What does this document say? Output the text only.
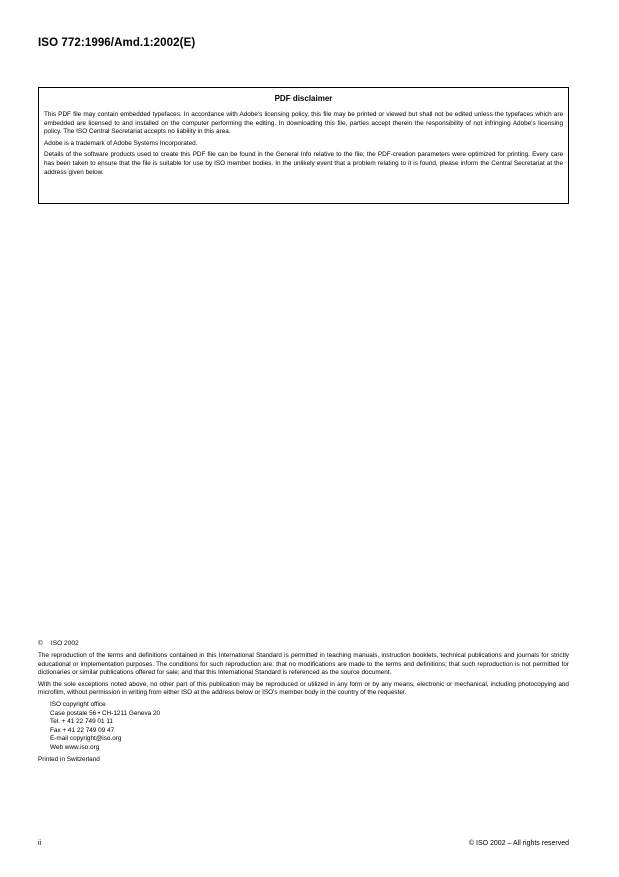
ISO 772:1996/Amd.1:2002(E)
PDF disclaimer

This PDF file may contain embedded typefaces. In accordance with Adobe's licensing policy, this file may be printed or viewed but shall not be edited unless the typefaces which are embedded are licensed to and installed on the computer performing the editing. In downloading this file, parties accept therein the responsibility of not infringing Adobe's licensing policy. The ISO Central Secretariat accepts no liability in this area.

Adobe is a trademark of Adobe Systems Incorporated.

Details of the software products used to create this PDF file can be found in the General Info relative to the file; the PDF-creation parameters were optimized for printing. Every care has been taken to ensure that the file is suitable for use by ISO member bodies. In the unlikely event that a problem relating to it is found, please inform the Central Secretariat at the address given below.

© ISO 2002

The reproduction of the terms and definitions contained in this International Standard is permitted in teaching manuals, instruction booklets, technical publications and journals for strictly educational or implementation purposes. The conditions for such reproduction are: that no modifications are made to the terms and definitions; that such reproduction is not permitted for dictionaries or similar publications offered for sale; and that this International Standard is referenced as the source document.

With the sole exceptions noted above, no other part of this publication may be reproduced or utilized in any form or by any means, electronic or mechanical, including photocopying and microfilm, without permission in writing from either ISO at the address below or ISO's member body in the country of the requester.

ISO copyright office
Case postale 56 • CH-1211 Geneva 20
Tel. + 41 22 749 01 11
Fax + 41 22 749 09 47
E-mail copyright@iso.org
Web www.iso.org
Printed in Switzerland
ii	© ISO 2002 – All rights reserved
